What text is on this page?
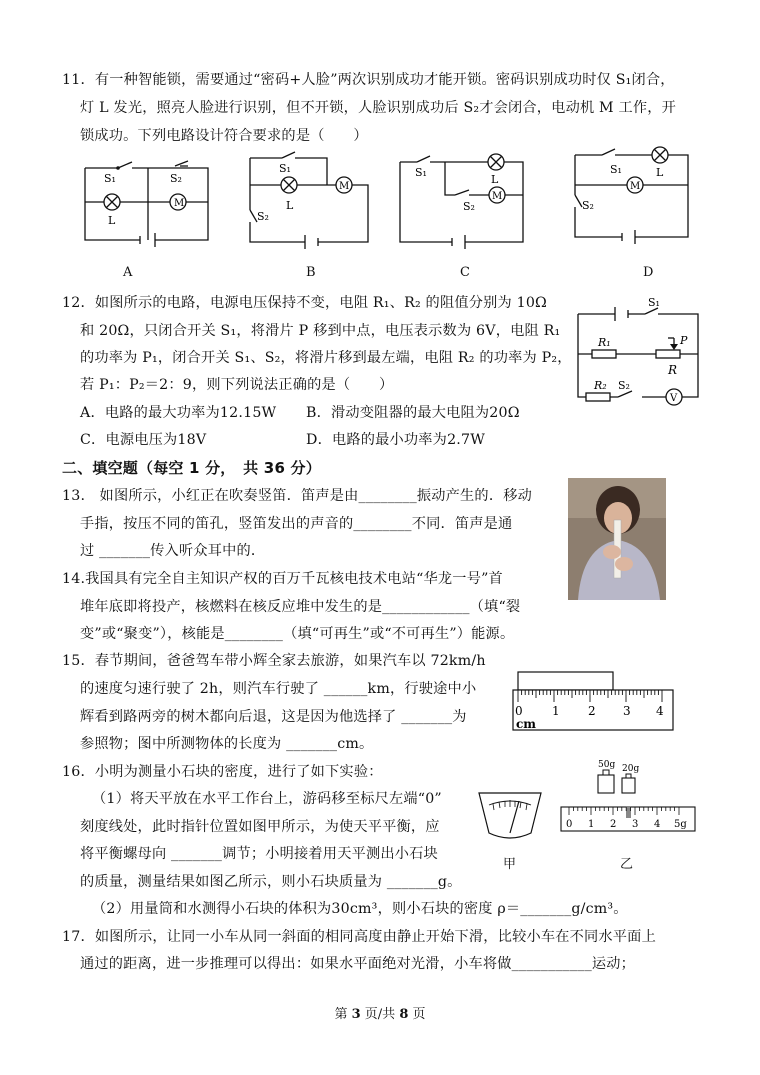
11．有一种智能锁，需要通过“密码+人脸”两次识别成功才能开锁。密码识别成功时仅 S₁闭合，
灯 L 发光，照亮人脸进行识别，但不开锁，人脸识别成功后 S₂才会闭合，电动机 M 工作，开
锁成功。下列电路设计符合要求的是（　　）
S₁	S₂
L
M
S₁
L
M
S₂
S₁
L
S₂
M
S₁	L
M
S₂
A	B	C	D
12．如图所示的电路，电源电压保持不变，电阻 R₁、R₂ 的阻值分别为 10Ω
和 20Ω，只闭合开关 S₁，将滑片 P 移到中点，电压表示数为 6V，电阻 R₁
的功率为 P₁，闭合开关 S₁、S₂，将滑片移到最左端，电阻 R₂ 的功率为 P₂，
若 P₁：P₂＝2：9，则下列说法正确的是（　　）
A．电路的最大功率为12.15W B．滑动变阻器的最大电阻为20Ω
C．电源电压为18V	D．电路的最小功率为2.7W
S₁
R₁
R₂ S₂
P
R
V
二、填空题（每空 1 分，　共 36 分）
13.　如图所示，小红正在吹奏竖笛．笛声是由________振动产生的．移动
手指，按压不同的笛孔，竖笛发出的声音的________不同．笛声是通
过 _______传入听众耳中的．
14.我国具有完全自主知识产权的百万千瓦核电技术电站“华龙一号”首
堆年底即将投产，核燃料在核反应堆中发生的是____________（填“裂
变”或“聚变”），核能是________（填“可再生”或“不可再生”）能源。
15．春节期间，爸爸驾车带小辉全家去旅游，如果汽车以 72km/h
的速度匀速行驶了 2h，则汽车行驶了 ______km，行驶途中小
辉看到路两旁的树木都向后退，这是因为他选择了 _______为
参照物；图中所测物体的长度为 _______cm。
0 1 2 3 4
cm
16．小明为测量小石块的密度，进行了如下实验：
（1）将天平放在水平工作台上，游码移至标尺左端“0”
刻度线处，此时指针位置如图甲所示，为使天平平衡，应
将平衡螺母向 _______调节；小明接着用天平测出小石块
的质量，测量结果如图乙所示，则小石块质量为 _______g。
（2）用量筒和水测得小石块的体积为30cm³，则小石块的密度 ρ＝_______g/cm³。
甲
50g 20g
0 1 2 3 4 5g
乙
17．如图所示，让同一小车从同一斜面的相同高度由静止开始下滑，比较小车在不同水平面上
通过的距离，进一步推理可以得出：如果水平面绝对光滑，小车将做___________运动；
第 3 页/共 8 页
